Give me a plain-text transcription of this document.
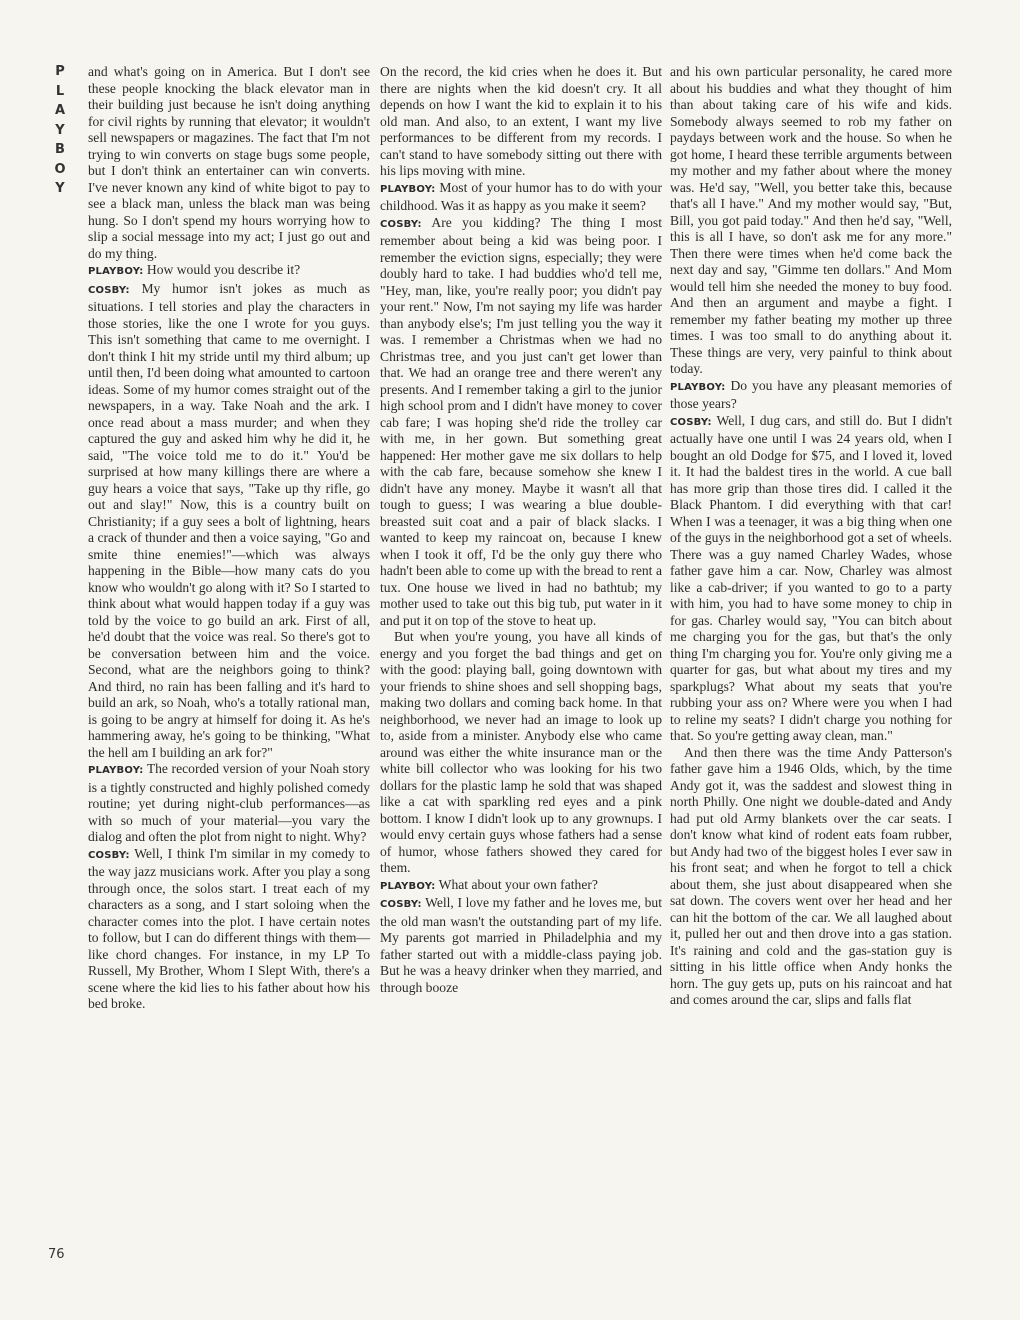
P
L
A
Y
B
O
Y

and what's going on in America. But I don't see these people knocking the black elevator man in their building just because he isn't doing anything for civil rights by running that elevator; it wouldn't sell newspapers or magazines. The fact that I'm not trying to win converts on stage bugs some people, but I don't think an entertainer can win converts. I've never known any kind of white bigot to pay to see a black man, unless the black man was being hung. So I don't spend my hours worrying how to slip a social message into my act; I just go out and do my thing.

PLAYBOY: How would you describe it?

COSBY: My humor isn't jokes as much as situations. I tell stories and play the characters in those stories, like the one I wrote for you guys. This isn't something that came to me overnight. I don't think I hit my stride until my third album; up until then, I'd been doing what amounted to cartoon ideas. Some of my humor comes straight out of the newspapers, in a way. Take Noah and the ark. I once read about a mass murder; and when they captured the guy and asked him why he did it, he said, "The voice told me to do it." You'd be surprised at how many killings there are where a guy hears a voice that says, "Take up thy rifle, go out and slay!" Now, this is a country built on Christianity; if a guy sees a bolt of lightning, hears a crack of thunder and then a voice saying, "Go and smite thine enemies!"—which was always happening in the Bible—how many cats do you know who wouldn't go along with it? So I started to think about what would happen today if a guy was told by the voice to go build an ark. First of all, he'd doubt that the voice was real. So there's got to be conversation between him and the voice. Second, what are the neighbors going to think? And third, no rain has been falling and it's hard to build an ark, so Noah, who's a totally rational man, is going to be angry at himself for doing it. As he's hammering away, he's going to be thinking, "What the hell am I building an ark for?"

PLAYBOY: The recorded version of your Noah story is a tightly constructed and highly polished comedy routine; yet during night-club performances—as with so much of your material—you vary the dialog and often the plot from night to night. Why?

COSBY: Well, I think I'm similar in my comedy to the way jazz musicians work. After you play a song through once, the solos start. I treat each of my characters as a song, and I start soloing when the character comes into the plot. I have certain notes to follow, but I can do different things with them—like chord changes. For instance, in my LP To Russell, My Brother, Whom I Slept With, there's a scene where the kid lies to his father about how his bed broke.

On the record, the kid cries when he does it. But there are nights when the kid doesn't cry. It all depends on how I want the kid to explain it to his old man. And also, to an extent, I want my live performances to be different from my records. I can't stand to have somebody sitting out there with his lips moving with mine.

PLAYBOY: Most of your humor has to do with your childhood. Was it as happy as you make it seem?

COSBY: Are you kidding? The thing I most remember about being a kid was being poor. I remember the eviction signs, especially; they were doubly hard to take. I had buddies who'd tell me, "Hey, man, like, you're really poor; you didn't pay your rent." Now, I'm not saying my life was harder than anybody else's; I'm just telling you the way it was. I remember a Christmas when we had no Christmas tree, and you just can't get lower than that. We had an orange tree and there weren't any presents. And I remember taking a girl to the junior high school prom and I didn't have money to cover cab fare; I was hoping she'd ride the trolley car with me, in her gown. But something great happened: Her mother gave me six dollars to help with the cab fare, because somehow she knew I didn't have any money. Maybe it wasn't all that tough to guess; I was wearing a blue double-breasted suit coat and a pair of black slacks. I wanted to keep my raincoat on, because I knew when I took it off, I'd be the only guy there who hadn't been able to come up with the bread to rent a tux. One house we lived in had no bathtub; my mother used to take out this big tub, put water in it and put it on top of the stove to heat up.

But when you're young, you have all kinds of energy and you forget the bad things and get on with the good: playing ball, going downtown with your friends to shine shoes and sell shopping bags, making two dollars and coming back home. In that neighborhood, we never had an image to look up to, aside from a minister. Anybody else who came around was either the white insurance man or the white bill collector who was looking for his two dollars for the plastic lamp he sold that was shaped like a cat with sparkling red eyes and a pink bottom. I know I didn't look up to any grownups. I would envy certain guys whose fathers had a sense of humor, whose fathers showed they cared for them.

PLAYBOY: What about your own father?

COSBY: Well, I love my father and he loves me, but the old man wasn't the outstanding part of my life. My parents got married in Philadelphia and my father started out with a middle-class paying job. But he was a heavy drinker when they married, and through booze

and his own particular personality, he cared more about his buddies and what they thought of him than about taking care of his wife and kids. Somebody always seemed to rob my father on paydays between work and the house. So when he got home, I heard these terrible arguments between my mother and my father about where the money was. He'd say, "Well, you better take this, because that's all I have." And my mother would say, "But, Bill, you got paid today." And then he'd say, "Well, this is all I have, so don't ask me for any more." Then there were times when he'd come back the next day and say, "Gimme ten dollars." And Mom would tell him she needed the money to buy food. And then an argument and maybe a fight. I remember my father beating my mother up three times. I was too small to do anything about it. These things are very, very painful to think about today.

PLAYBOY: Do you have any pleasant memories of those years?

COSBY: Well, I dug cars, and still do. But I didn't actually have one until I was 24 years old, when I bought an old Dodge for $75, and I loved it, loved it. It had the baldest tires in the world. A cue ball has more grip than those tires did. I called it the Black Phantom. I did everything with that car! When I was a teenager, it was a big thing when one of the guys in the neighborhood got a set of wheels. There was a guy named Charley Wades, whose father gave him a car. Now, Charley was almost like a cab-driver; if you wanted to go to a party with him, you had to have some money to chip in for gas. Charley would say, "You can bitch about me charging you for the gas, but that's the only thing I'm charging you for. You're only giving me a quarter for gas, but what about my tires and my sparkplugs? What about my seats that you're rubbing your ass on? Where were you when I had to reline my seats? I didn't charge you nothing for that. So you're getting away clean, man."

And then there was the time Andy Patterson's father gave him a 1946 Olds, which, by the time Andy got it, was the saddest and slowest thing in north Philly. One night we double-dated and Andy had put old Army blankets over the car seats. I don't know what kind of rodent eats foam rubber, but Andy had two of the biggest holes I ever saw in his front seat; and when he forgot to tell a chick about them, she just about disappeared when she sat down. The covers went over her head and her can hit the bottom of the car. We all laughed about it, pulled her out and then drove into a gas station. It's raining and cold and the gas-station guy is sitting in his little office when Andy honks the horn. The guy gets up, puts on his raincoat and hat and comes around the car, slips and falls flat

76
